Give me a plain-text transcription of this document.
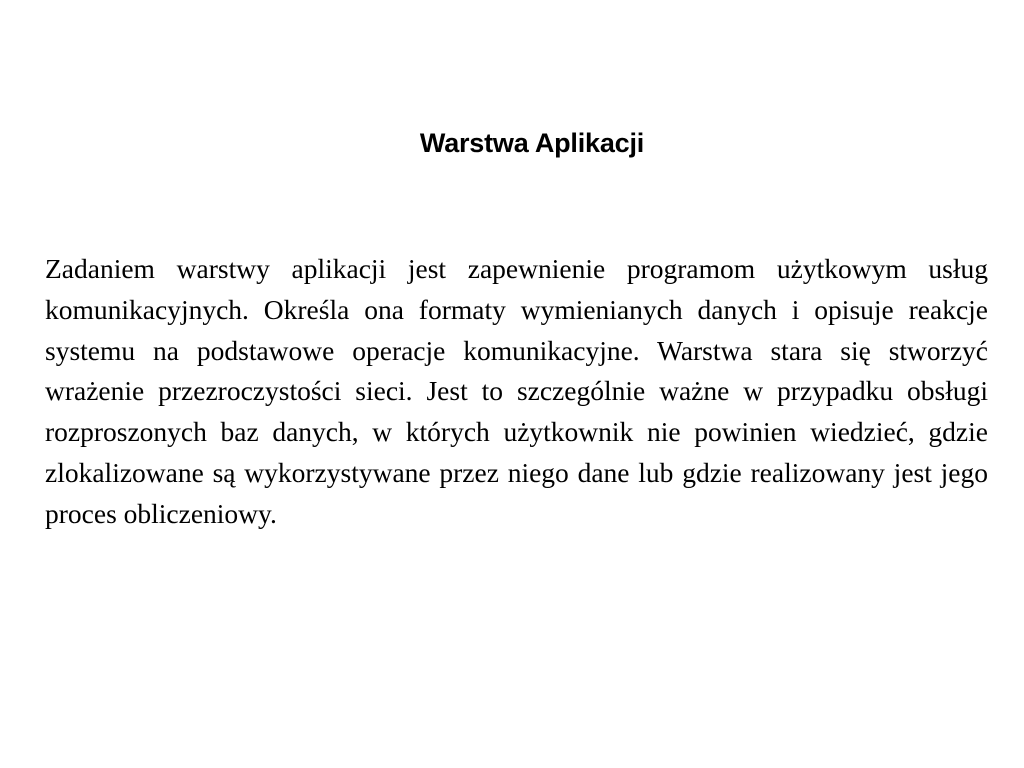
Warstwa Aplikacji

Zadaniem warstwy aplikacji jest zapewnienie programom użytkowym usług komunikacyjnych. Określa ona formaty wymienianych danych i opisuje reakcje systemu na podstawowe operacje komunikacyjne. Warstwa stara się stworzyć wrażenie przezroczystości sieci. Jest to szczególnie ważne w przypadku obsługi rozproszonych baz danych, w których użytkownik nie powinien wiedzieć, gdzie zlokalizowane są wykorzystywane przez niego dane lub gdzie realizowany jest jego proces obliczeniowy.
